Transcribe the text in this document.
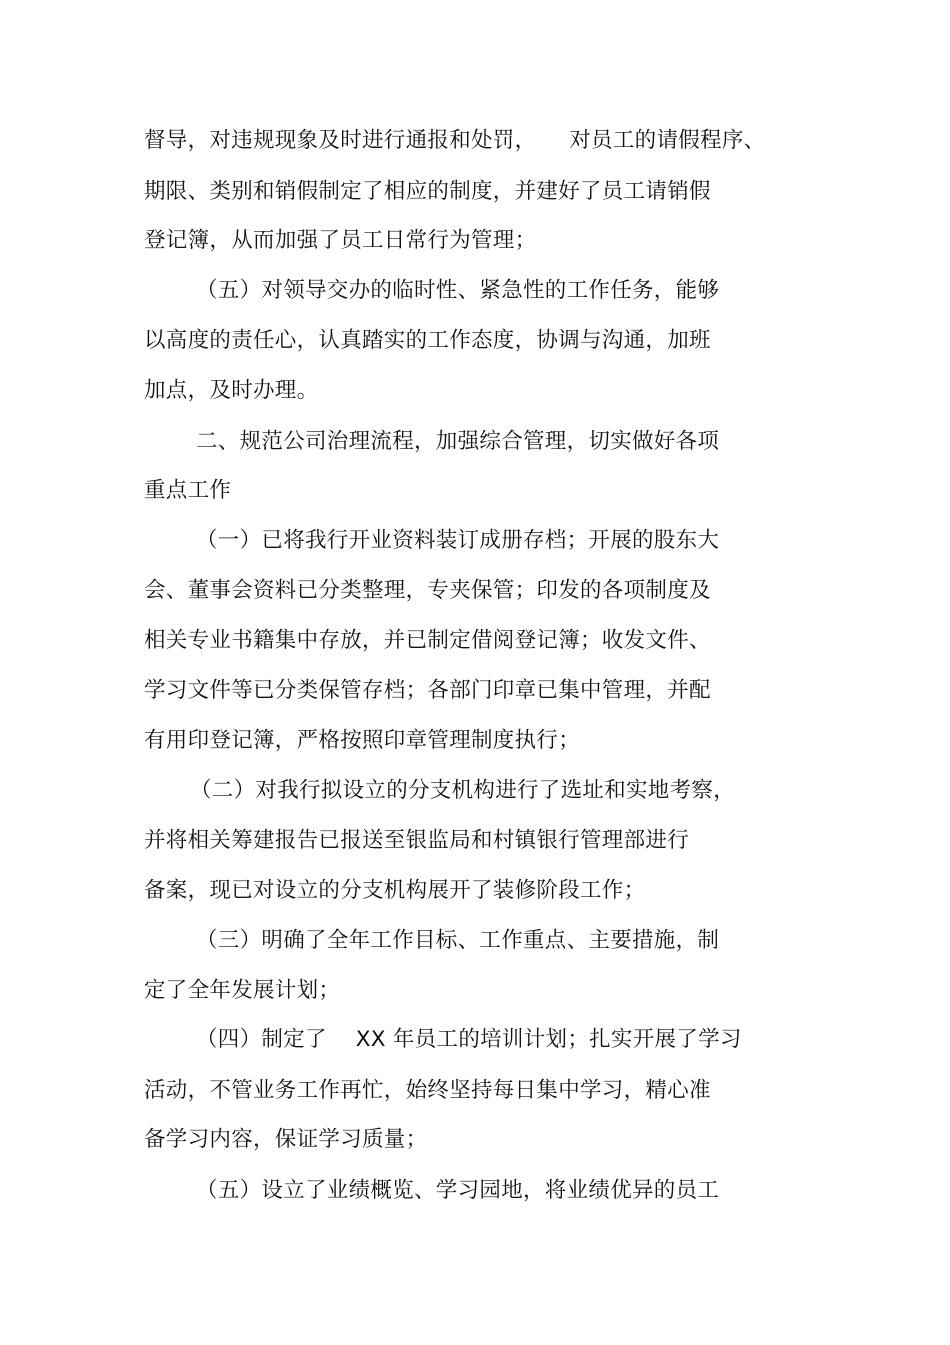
督导，对违规现象及时进行通报和处罚，　　对员工的请假程序、
期限、类别和销假制定了相应的制度，并建好了员工请销假
登记簿，从而加强了员工日常行为管理；
（五）对领导交办的临时性、紧急性的工作任务，能够
以高度的责任心，认真踏实的工作态度，协调与沟通，加班
加点，及时办理。
二、规范公司治理流程，加强综合管理，切实做好各项
重点工作
（一）已将我行开业资料装订成册存档；开展的股东大
会、董事会资料已分类整理，专夹保管；印发的各项制度及
相关专业书籍集中存放，并已制定借阅登记簿；收发文件、
学习文件等已分类保管存档；各部门印章已集中管理，并配
有用印登记簿，严格按照印章管理制度执行；
（二）对我行拟设立的分支机构进行了选址和实地考察，
并将相关筹建报告已报送至银监局和村镇银行管理部进行
备案，现已对设立的分支机构展开了装修阶段工作；
（三）明确了全年工作目标、工作重点、主要措施，制
定了全年发展计划；
（四）制定了　 XX 年员工的培训计划；扎实开展了学习
活动，不管业务工作再忙，始终坚持每日集中学习，精心准
备学习内容，保证学习质量；
（五）设立了业绩概览、学习园地，将业绩优异的员工
